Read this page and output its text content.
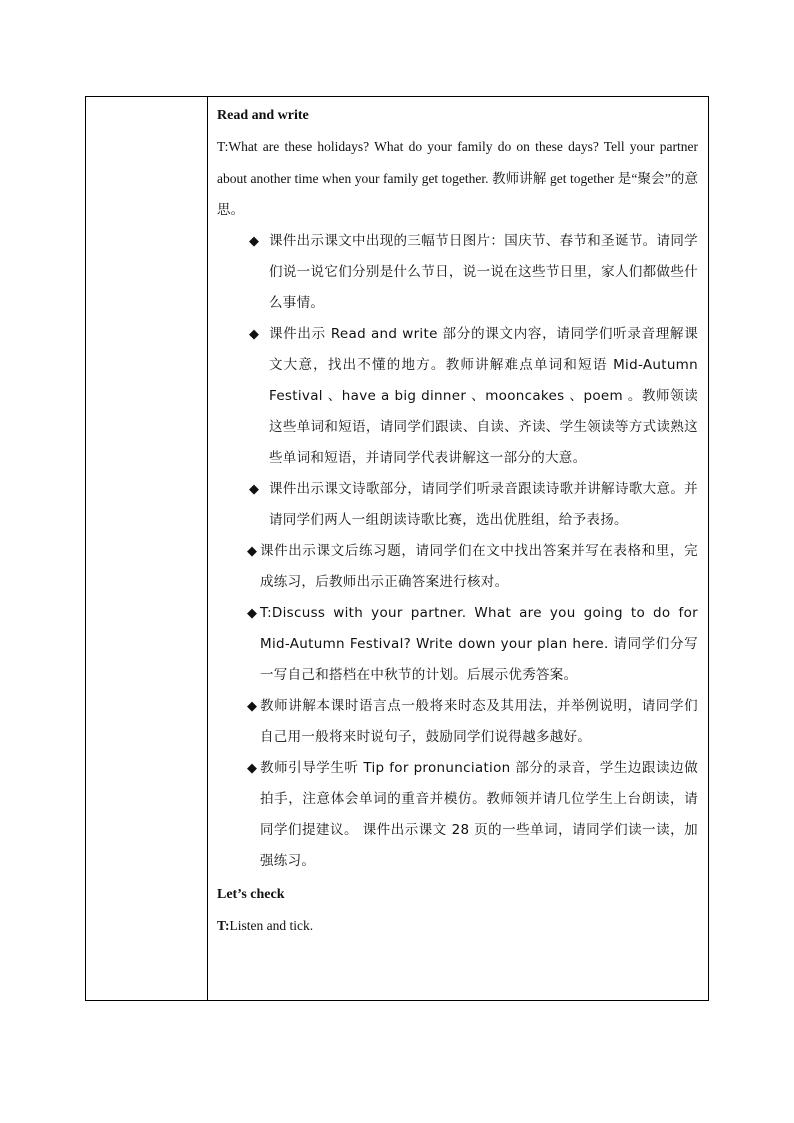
Read and write
T:What are these holidays? What do your family do on these days? Tell your partner about another time when your family get together. 教师讲解 get together 是“聚会”的意思。
◆ 课件出示课文中出现的三幅节日图片：国庆节、春节和圣诞节。请同学们说一说它们分别是什么节日，说一说在这些节日里，家人们都做些什么事情。
◆ 课件出示 Read and write 部分的课文内容，请同学们听录音理解课文大意，找出不懂的地方。教师讲解难点单词和短语 Mid-Autumn Festival 、have a big dinner 、mooncakes 、poem 。教师领读这些单词和短语，请同学们跟读、自读、齐读、学生领读等方式读熟这些单词和短语，并请同学代表讲解这一部分的大意。
◆ 课件出示课文诗歌部分，请同学们听录音跟读诗歌并讲解诗歌大意。并请同学们两人一组朗读诗歌比赛，选出优胜组，给予表扬。
◆ 课件出示课文后练习题，请同学们在文中找出答案并写在表格和里，完成练习，后教师出示正确答案进行核对。
◆ T:Discuss with your partner. What are you going to do for Mid-Autumn Festival? Write down your plan here. 请同学们分写一写自己和搭档在中秋节的计划。后展示优秀答案。
◆ 教师讲解本课时语言点一般将来时态及其用法，并举例说明，请同学们自己用一般将来时说句子，鼓励同学们说得越多越好。
◆ 教师引导学生听 Tip for pronunciation 部分的录音，学生边跟读边做拍手，注意体会单词的重音并模仿。教师领并请几位学生上台朗读，请同学们提建议。 课件出示课文 28 页的一些单词，请同学们读一读，加强练习。
Let’s check
T:Listen and tick.
